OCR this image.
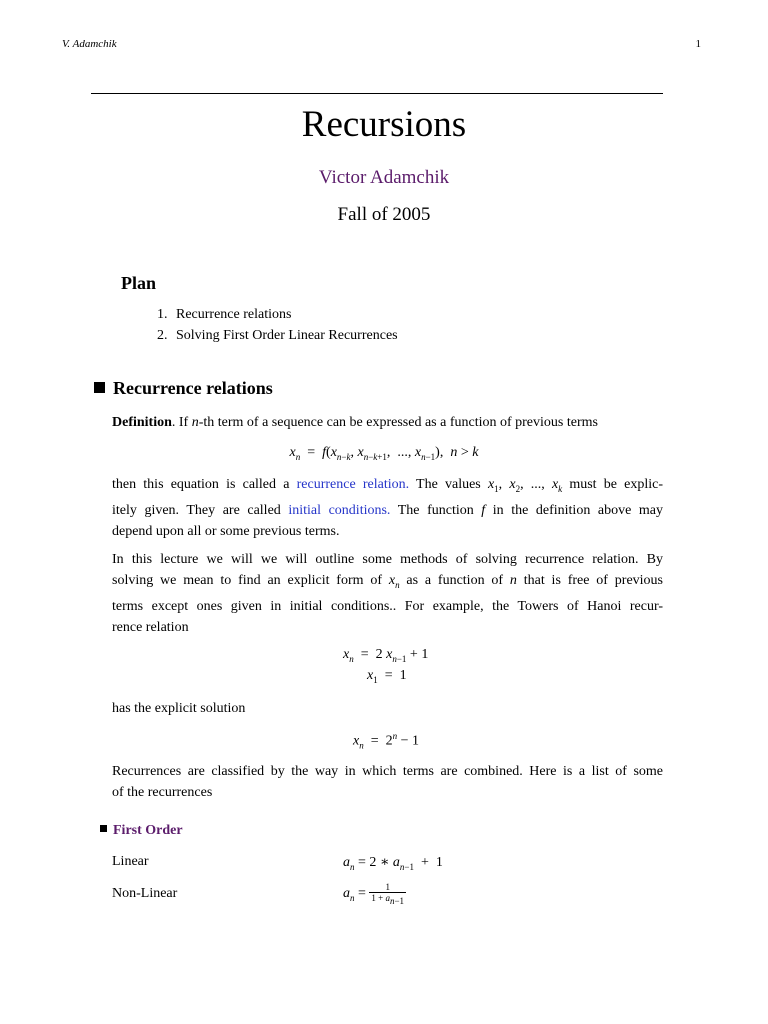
V. Adamchik	1
Recursions
Victor Adamchik
Fall of 2005
Plan
1. Recurrence relations
2. Solving First Order Linear Recurrences
Recurrence relations
Definition. If n-th term of a sequence can be expressed as a function of previous terms
$x_n = f(x_{n-k}$, $x_{n-k+1}$,  ..., $x_{n-1}$),  n > k
then this equation is called a recurrence relation. The values $x_1$, $x_2$, ..., $x_k$ must be explic-
itely given. They are called initial conditions. The function f in the definition above may
depend upon all or some previous terms.
In this lecture we will we will outline some methods of solving recurrence relation. By
solving we mean to find an explicit form of $x_n$ as a function of n that is free of previous
terms except ones given in initial conditions.. For example, the Towers of Hanoi recur-
rence relation
$x_n = 2$ $x_{n-1} + 1$
$x_1 = 1$
has the explicit solution
$x_n = 2^n - 1$
Recurrences are classified by the way in which terms are combined. Here is a list of some
of the recurrences
First Order
Linear	$a_n = 2$ ∗ $a_{n-1} + 1$
Non-Linear	$a_n = \frac{1}{1 + a_{n-1}}$
